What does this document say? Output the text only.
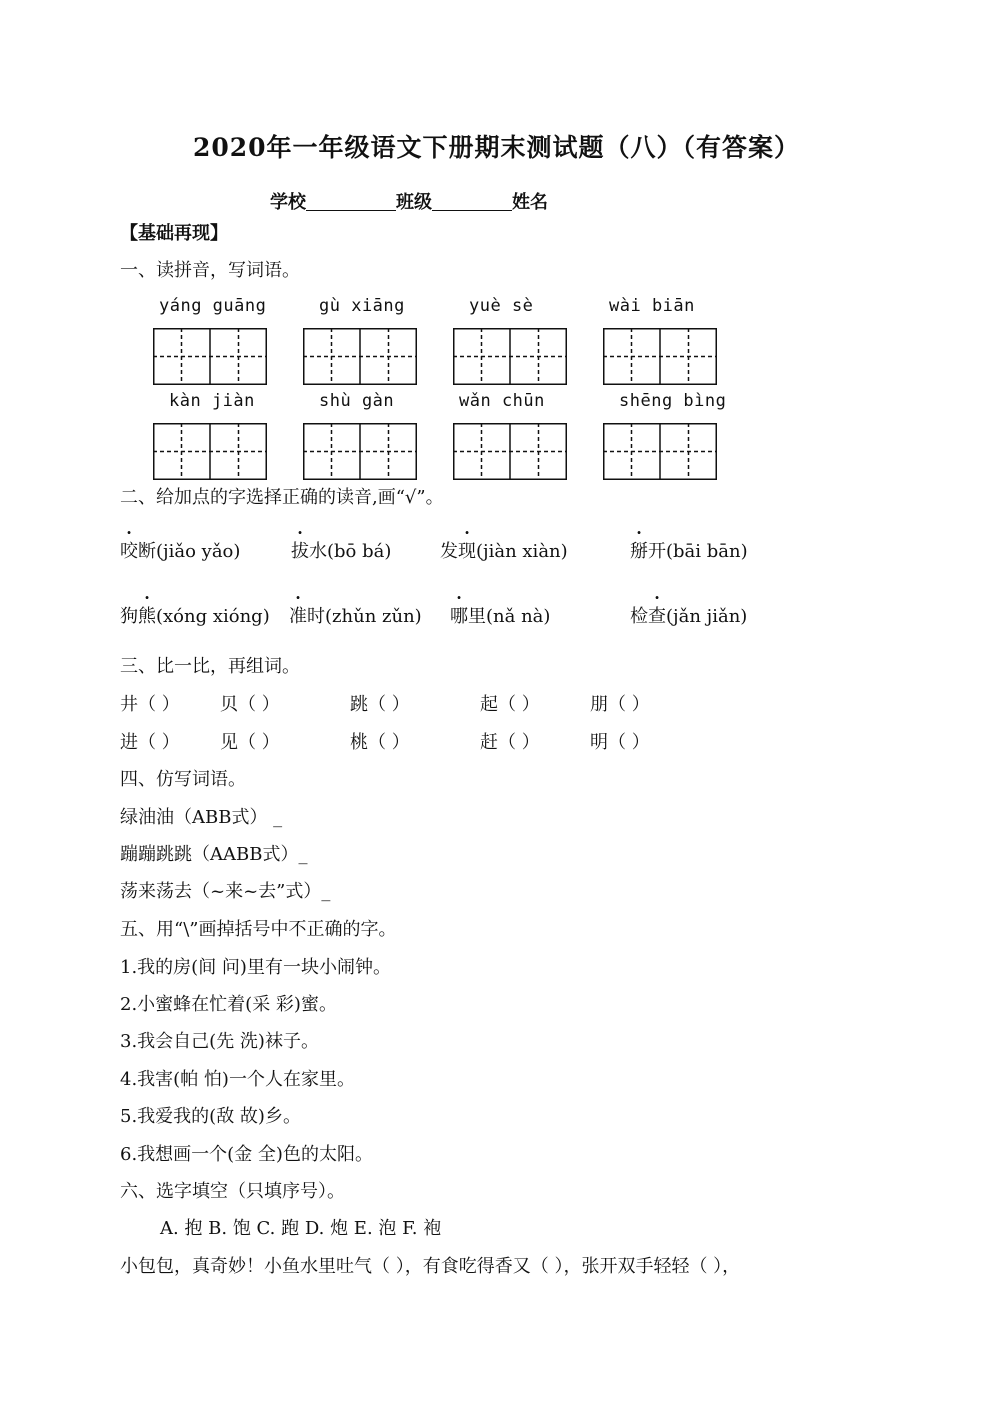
2020年一年级语文下册期末测试题（八）（有答案）
学校	班级	姓名
【基础再现】
一、读拼音，写词语。
yáng guāng	gù xiāng	yuè sè	wài biān
kàn jiàn	shù gàn	wǎn chūn	shēng bìng
二、给加点的字选择正确的读音,画“√”。
咬断(jiǎo yǎo)	拔水(bō bá)	发现(jiàn xiàn)	掰开(bāi bān)
狗熊(xóng xióng) 准时(zhǔn zǔn) 哪里(nǎ nà)	检查(jǎn jiǎn)
三、比一比，再组词。
井（ ） 贝（ ）	跳（ ）	起（ ）	朋（ ）
进（ ） 见（ ）	桃（ ）	赶（ ）	明（ ）
四、仿写词语。
绿油油（ABB式） _
蹦蹦跳跳（AABB式）_
荡来荡去（~来~去”式）_
五、用“\”画掉括号中不正确的字。
1.我的房(间 问)里有一块小闹钟。
2.小蜜蜂在忙着(采 彩)蜜。
3.我会自己(先 洗)袜子。
4.我害(帕 怕)一个人在家里。
5.我爱我的(敌 故)乡。
6.我想画一个(金 全)色的太阳。
六、选字填空（只填序号）。
A. 抱 B. 饱 C. 跑 D. 炮 E. 泡 F. 袍
小包包，真奇妙！小鱼水里吐气（ ），有食吃得香又（ ），张开双手轻轻（ ），
